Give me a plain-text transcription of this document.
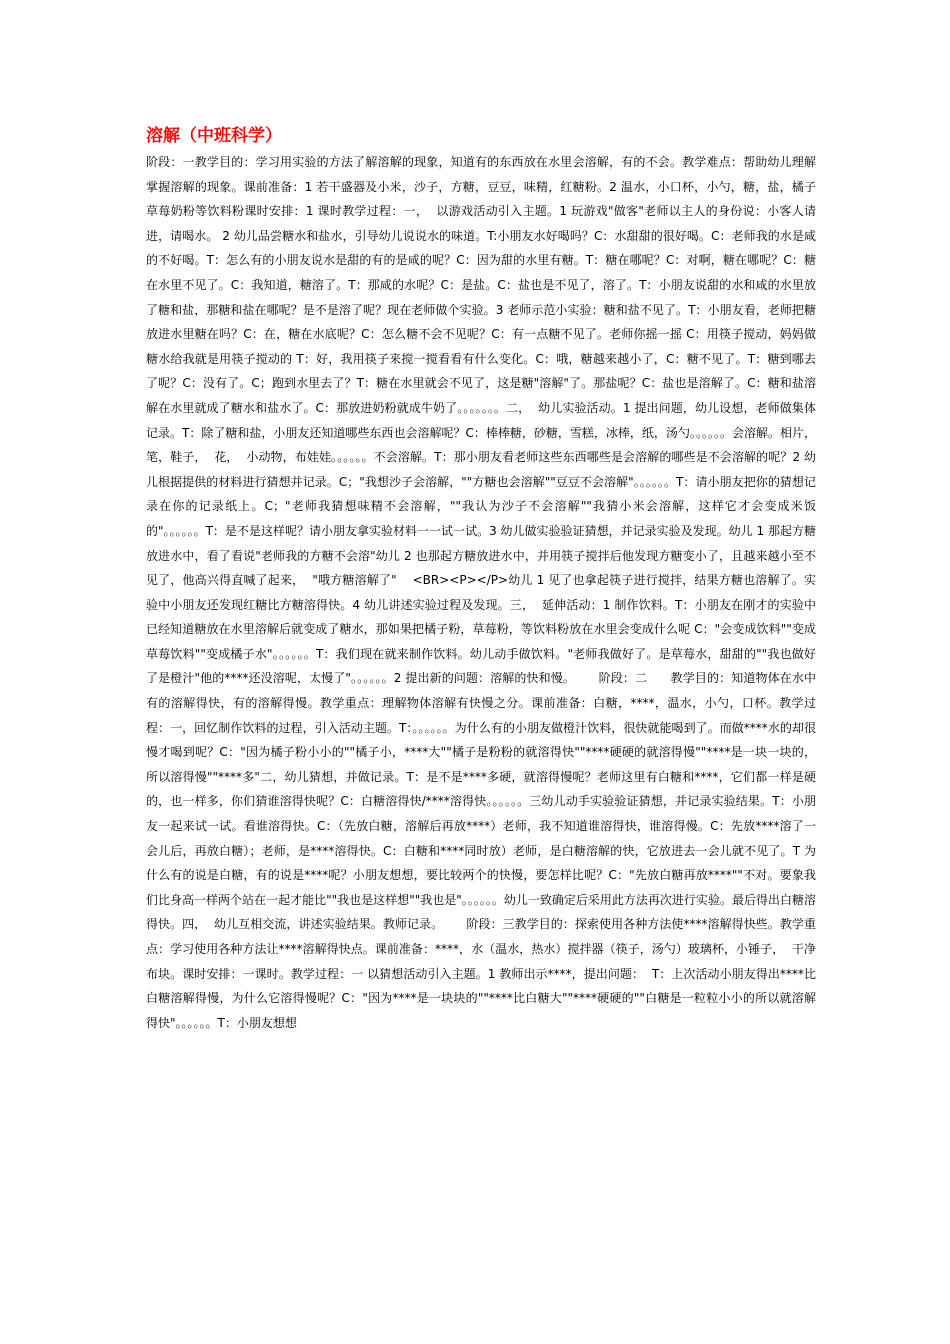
溶解（中班科学）

阶段：一教学目的：学习用实验的方法了解溶解的现象，知道有的东西放在水里会溶解，有的不会。教学难点：帮助幼儿理解掌握溶解的现象。课前准备：1 若干盛器及小米，沙子，方糖，豆豆，味精，红糖粉。2 温水，小口杯，小勺，糖，盐，橘子草莓奶粉等饮料粉课时安排：1 课时教学过程：一，  以游戏活动引入主题。1 玩游戏"做客"老师以主人的身份说：小客人请进，请喝水。 2 幼儿品尝糖水和盐水，引导幼儿说说水的味道。T:小朋友水好喝吗？C：水甜甜的很好喝。C：老师我的水是咸的不好喝。T：怎么有的小朋友说水是甜的有的是咸的呢？C：因为甜的水里有糖。T：糖在哪呢？C：对啊，糖在哪呢？C：糖在水里不见了。C：我知道，糖溶了。T：那咸的水呢？C：是盐。C：盐也是不见了，溶了。T：小朋友说甜的水和咸的水里放了糖和盐，那糖和盐在哪呢？是不是溶了呢？现在老师做个实验。3 老师示范小实验：糖和盐不见了。T：小朋友看，老师把糖放进水里糖在吗？C：在，糖在水底呢？C：怎么糖不会不见呢？C：有一点糖不见了。老师你摇一摇 C：用筷子搅动，妈妈做糖水给我就是用筷子搅动的 T：好，我用筷子来搅一搅看看有什么变化。C：哦，糖越来越小了，C：糖不见了。T：糖到哪去了呢？C：没有了。C；跑到水里去了？T：糖在水里就会不见了，这是糖"溶解"了。那盐呢？C：盐也是溶解了。C：糖和盐溶解在水里就成了糖水和盐水了。C：那放进奶粉就成牛奶了。。。。。。。二，  幼儿实验活动。1 提出问题，幼儿设想，老师做集体记录。T：除了糖和盐，小朋友还知道哪些东西也会溶解呢？C：棒棒糖，砂糖，雪糕，冰棒，纸，汤勺。。。。。。会溶解。相片，笔，鞋子，  花，  小动物，布娃娃。。。。。。不会溶解。T：那小朋友看老师这些东西哪些是会溶解的哪些是不会溶解的呢？2 幼儿根据提供的材料进行猜想并记录。C；"我想沙子会溶解，""方糖也会溶解""豆豆不会溶解"。。。。。。T：请小朋友把你的猜想记录在你的记录纸上。C；"老师我猜想味精不会溶解，""我认为沙子不会溶解""我猜小米会溶解，这样它才会变成米饭的"。。。。。。T：是不是这样呢？请小朋友拿实验材料一一试一试。3 幼儿做实验验证猜想，并记录实验及发现。幼儿 1 那起方糖放进水中，看了看说"老师我的方糖不会溶"幼儿 2 也那起方糖放进水中，并用筷子搅拌后他发现方糖变小了，且越来越小至不见了，他高兴得直喊了起来，  "哦方糖溶解了"    <BR><P></P>幼儿 1 见了也拿起筷子进行搅拌，结果方糖也溶解了。实验中小朋友还发现红糖比方糖溶得快。4 幼儿讲述实验过程及发现。三，  延伸活动：1 制作饮料。T：小朋友在刚才的实验中已经知道糖放在水里溶解后就变成了糖水，那如果把橘子粉，草莓粉，等饮料粉放在水里会变成什么呢 C："会变成饮料""变成草莓饮料""变成橘子水"。。。。。。T：我们现在就来制作饮料。幼儿动手做饮料。"老师我做好了。是草莓水，甜甜的""我也做好了是橙汁"他的****还没溶呢，太慢了"。。。。。。2 提出新的问题：溶解的快和慢。      阶段：二      教学目的：知道物体在水中有的溶解得快，有的溶解得慢。教学重点：理解物体溶解有快慢之分。课前准备：白糖，****，温水，小勺，口杯。教学过程：一，回忆制作饮料的过程，引入活动主题。T：。。。。。。为什么有的小朋友做橙汁饮料，很快就能喝到了。而做****水的却很慢才喝到呢？C："因为橘子粉小小的""橘子小，****大""橘子是粉粉的就溶得快""****硬硬的就溶得慢""****是一块一块的，所以溶得慢""****多"二，幼儿猜想，并做记录。T：是不是****多硬，就溶得慢呢？老师这里有白糖和****，它们都一样是硬的，也一样多，你们猜谁溶得快呢？C：白糖溶得快/****溶得快。。。。。。三幼儿动手实验验证猜想，并记录实验结果。T：小朋友一起来试一试。看谁溶得快。C：（先放白糖，溶解后再放****）老师，我不知道谁溶得快，谁溶得慢。C：先放****溶了一会儿后，再放白糖）；老师，是****溶得快。C：白糖和****同时放）老师，是白糖溶解的快，它放进去一会儿就不见了。T 为什么有的说是白糖，有的说是****呢？小朋友想想，要比较两个的快慢，要怎样比呢？C："先放白糖再放****""不对。要象我们比身高一样两个站在一起才能比""我也是这样想""我也是"。。。。。。幼儿一致确定后采用此方法再次进行实验。最后得出白糖溶得快。四，  幼儿互相交流，讲述实验结果。教师记录。      阶段：三教学目的：探索使用各种方法使****溶解得快些。教学重点：学习使用各种方法让****溶解得快点。课前准备：****，水（温水，热水）搅拌器（筷子，汤勺）玻璃杯，小锤子，  干净布块。课时安排：一课时。教学过程：一 以猜想活动引入主题。1 教师出示****，提出问题：  T：上次活动小朋友得出****比白糖溶解得慢，为什么它溶得慢呢？C："因为****是一块块的""****比白糖大""****硬硬的""白糖是一粒粒小小的所以就溶解得快"。。。。。。T：小朋友想想
